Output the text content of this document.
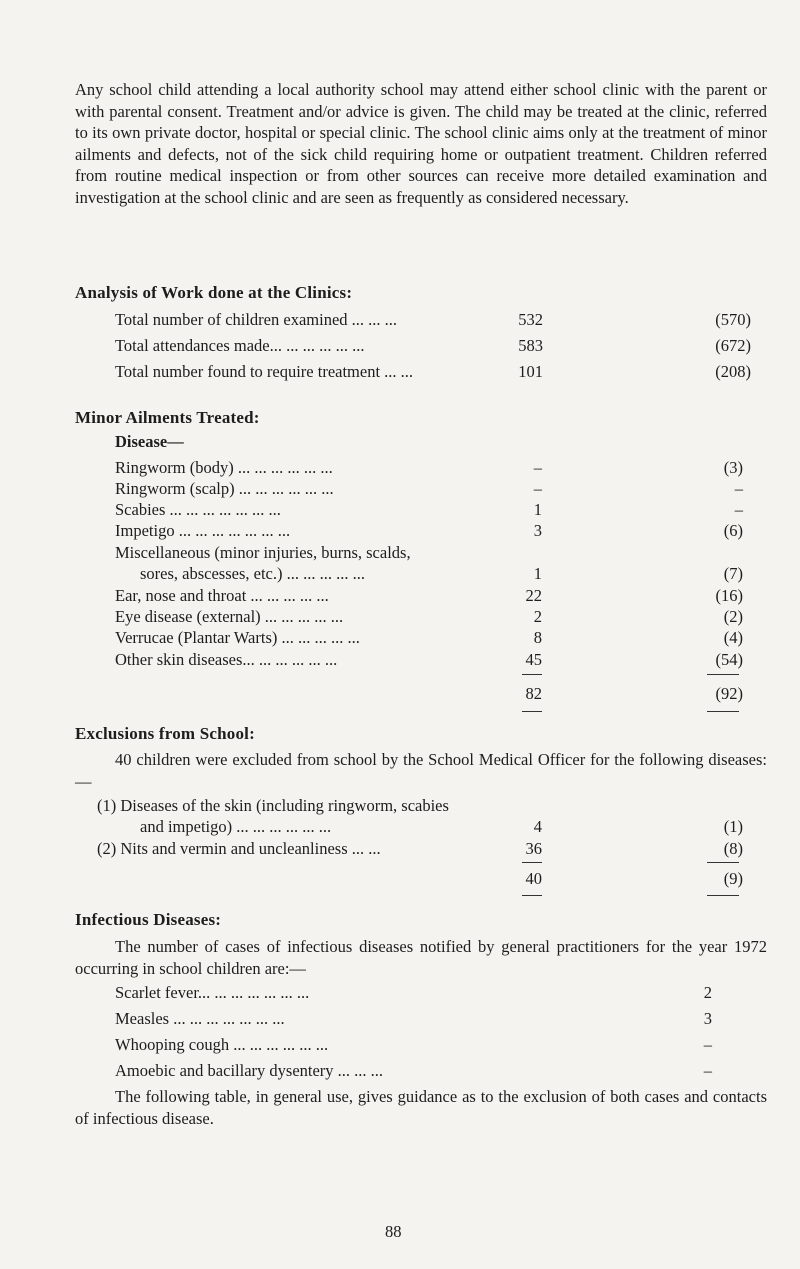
Any school child attending a local authority school may attend either school clinic with the parent or with parental consent. Treatment and/or advice is given. The child may be treated at the clinic, referred to its own private doctor, hospital or special clinic. The school clinic aims only at the treatment of minor ailments and defects, not of the sick child requiring home or outpatient treatment. Children referred from routine medical inspection or from other sources can receive more detailed examination and investigation at the school clinic and are seen as frequently as considered necessary.
Analysis of Work done at the Clinics:
Total number of children examined ... ... ...	532	(570)
Total attendances made... ... ... ... ... ...	583	(672)
Total number found to require treatment ... ...	101	(208)
Minor Ailments Treated:
Disease—
Ringworm (body) ... ... ... ... ... ...	–	(3)
Ringworm (scalp) ... ... ... ... ... ...	–	–
Scabies ... ... ... ... ... ... ...	1	–
Impetigo ... ... ... ... ... ... ...	3	(6)
Miscellaneous (minor injuries, burns, scalds,
sores, abscesses, etc.) ... ... ... ... ...	1	(7)
Ear, nose and throat ... ... ... ... ...	22	(16)
Eye disease (external) ... ... ... ... ...	2	(2)
Verrucae (Plantar Warts) ... ... ... ... ...	8	(4)
Other skin diseases... ... ... ... ... ...	45	(54)
82	(92)
Exclusions from School:
40 children were excluded from school by the School Medical Officer for the following diseases:—
(1) Diseases of the skin (including ringworm, scabies
and impetigo) ... ... ... ... ... ...	4	(1)
(2) Nits and vermin and uncleanliness ... ...	36	(8)
40	(9)
Infectious Diseases:
The number of cases of infectious diseases notified by general practitioners for the year 1972 occurring in school children are:—
Scarlet fever... ... ... ... ... ... ...	2
Measles ... ... ... ... ... ... ...	3
Whooping cough ... ... ... ... ... ...	–
Amoebic and bacillary dysentery ... ... ...	–
The following table, in general use, gives guidance as to the exclusion of both cases and contacts of infectious disease.
88
